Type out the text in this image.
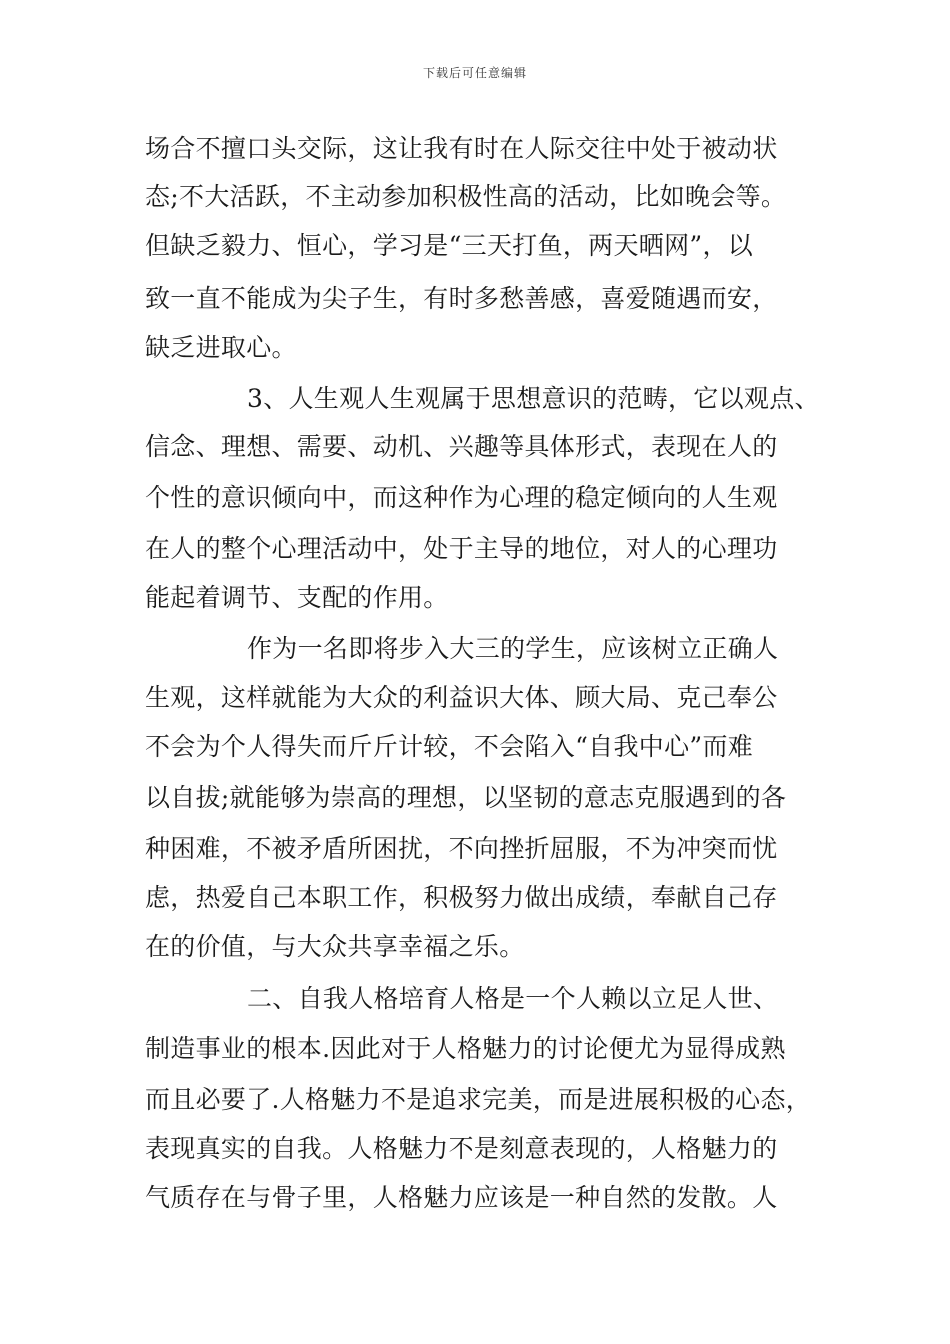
下载后可任意编辑
场合不擅口头交际，这让我有时在人际交往中处于被动状
态;不大活跃，不主动参加积极性高的活动，比如晚会等。
但缺乏毅力、恒心，学习是“三天打鱼，两天晒网”，以
致一直不能成为尖子生，有时多愁善感，喜爱随遇而安，
缺乏进取心。
3、人生观人生观属于思想意识的范畴，它以观点、
信念、理想、需要、动机、兴趣等具体形式，表现在人的
个性的意识倾向中，而这种作为心理的稳定倾向的人生观
在人的整个心理活动中，处于主导的地位，对人的心理功
能起着调节、支配的作用。
作为一名即将步入大三的学生，应该树立正确人
生观，这样就能为大众的利益识大体、顾大局、克己奉公
不会为个人得失而斤斤计较，不会陷入“自我中心”而难
以自拔;就能够为崇高的理想，以坚韧的意志克服遇到的各
种困难，不被矛盾所困扰，不向挫折屈服，不为冲突而忧
虑，热爱自己本职工作，积极努力做出成绩，奉献自己存
在的价值，与大众共享幸福之乐。
二、自我人格培育人格是一个人赖以立足人世、
制造事业的根本.因此对于人格魅力的讨论便尤为显得成熟
而且必要了.人格魅力不是追求完美，而是进展积极的心态，
表现真实的自我。人格魅力不是刻意表现的，人格魅力的
气质存在与骨子里，人格魅力应该是一种自然的发散。人
